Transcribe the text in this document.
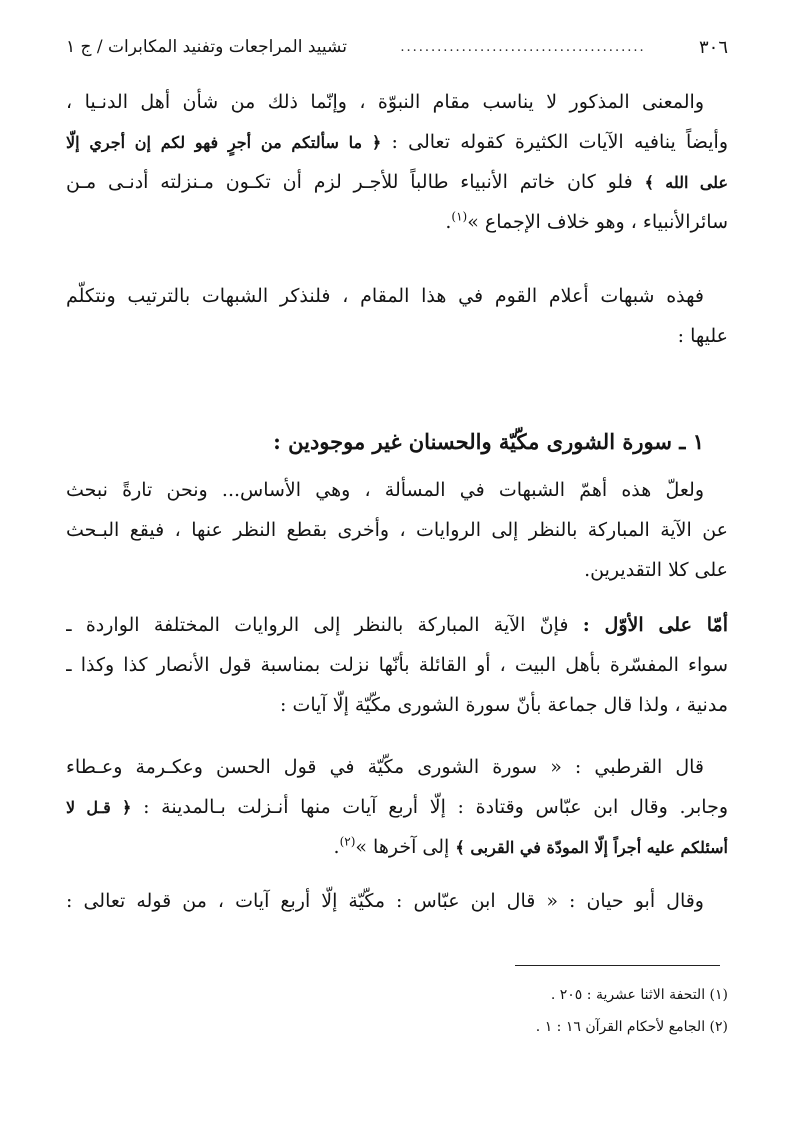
٣٠٦
........................................
تشييد المراجعات وتفنيد المكابرات / ج ١
والمعنى المذكور لا يناسب مقام النبوّة ، وإنّما ذلك من شأن أهل الدنـيا ،
وأيضاً ينافيه الآيات الكثيرة كقوله تعالى : ﴿ ما سألتكم من أجرٍ فهو لكم إن أجري إلّا
على الله ﴾ فلو كان خاتم الأنبياء طالباً للأجـر لزم أن تكـون مـنزلته أدنـى مـن
سائرالأنبياء ، وهو خلاف الإجماع »$^{(١)}$.
فهذه شبهات أعلام القوم في هذا المقام ، فلنذكر الشبهات بالترتيب ونتكلّم
عليها :
١ ـ سورة الشورى مكّيّة والحسنان غير موجودين :
ولعلّ هذه أهمّ الشبهات في المسألة ، وهي الأساس... ونحن تارةً نبحث
عن الآية المباركة بالنظر إلى الروايات ، وأخرى بقطع النظر عنها ، فيقع البـحث
على كلا التقديرين.
أمّا على الأوّل : فإنّ الآية المباركة بالنظر إلى الروايات المختلفة الواردة ـ
سواء المفسّرة بأهل البيت ، أو القائلة بأنّها نزلت بمناسبة قول الأنصار كذا وكذا ـ
مدنية ، ولذا قال جماعة بأنّ سورة الشورى مكّيّة إلّا آيات :
قال القرطبي : « سورة الشورى مكّيّة في قول الحسن وعكـرمة وعـطاء
وجابر. وقال ابن عبّاس وقتادة : إلّا أربع آيات منها أنـزلت بـالمدينة : ﴿ قـل لا
أسئلكم عليه أجراً إلّا المودّة في القربى ﴾ إلى آخرها »$^{(٢)}$.
وقال أبو حيان : « قال ابن عبّاس : مكّيّة إلّا أربع آيات ، من قوله تعالى :
(١) التحفة الاثنا عشرية : ٢٠٥ .
(٢) الجامع لأحكام القرآن ١٦ : ١ .
